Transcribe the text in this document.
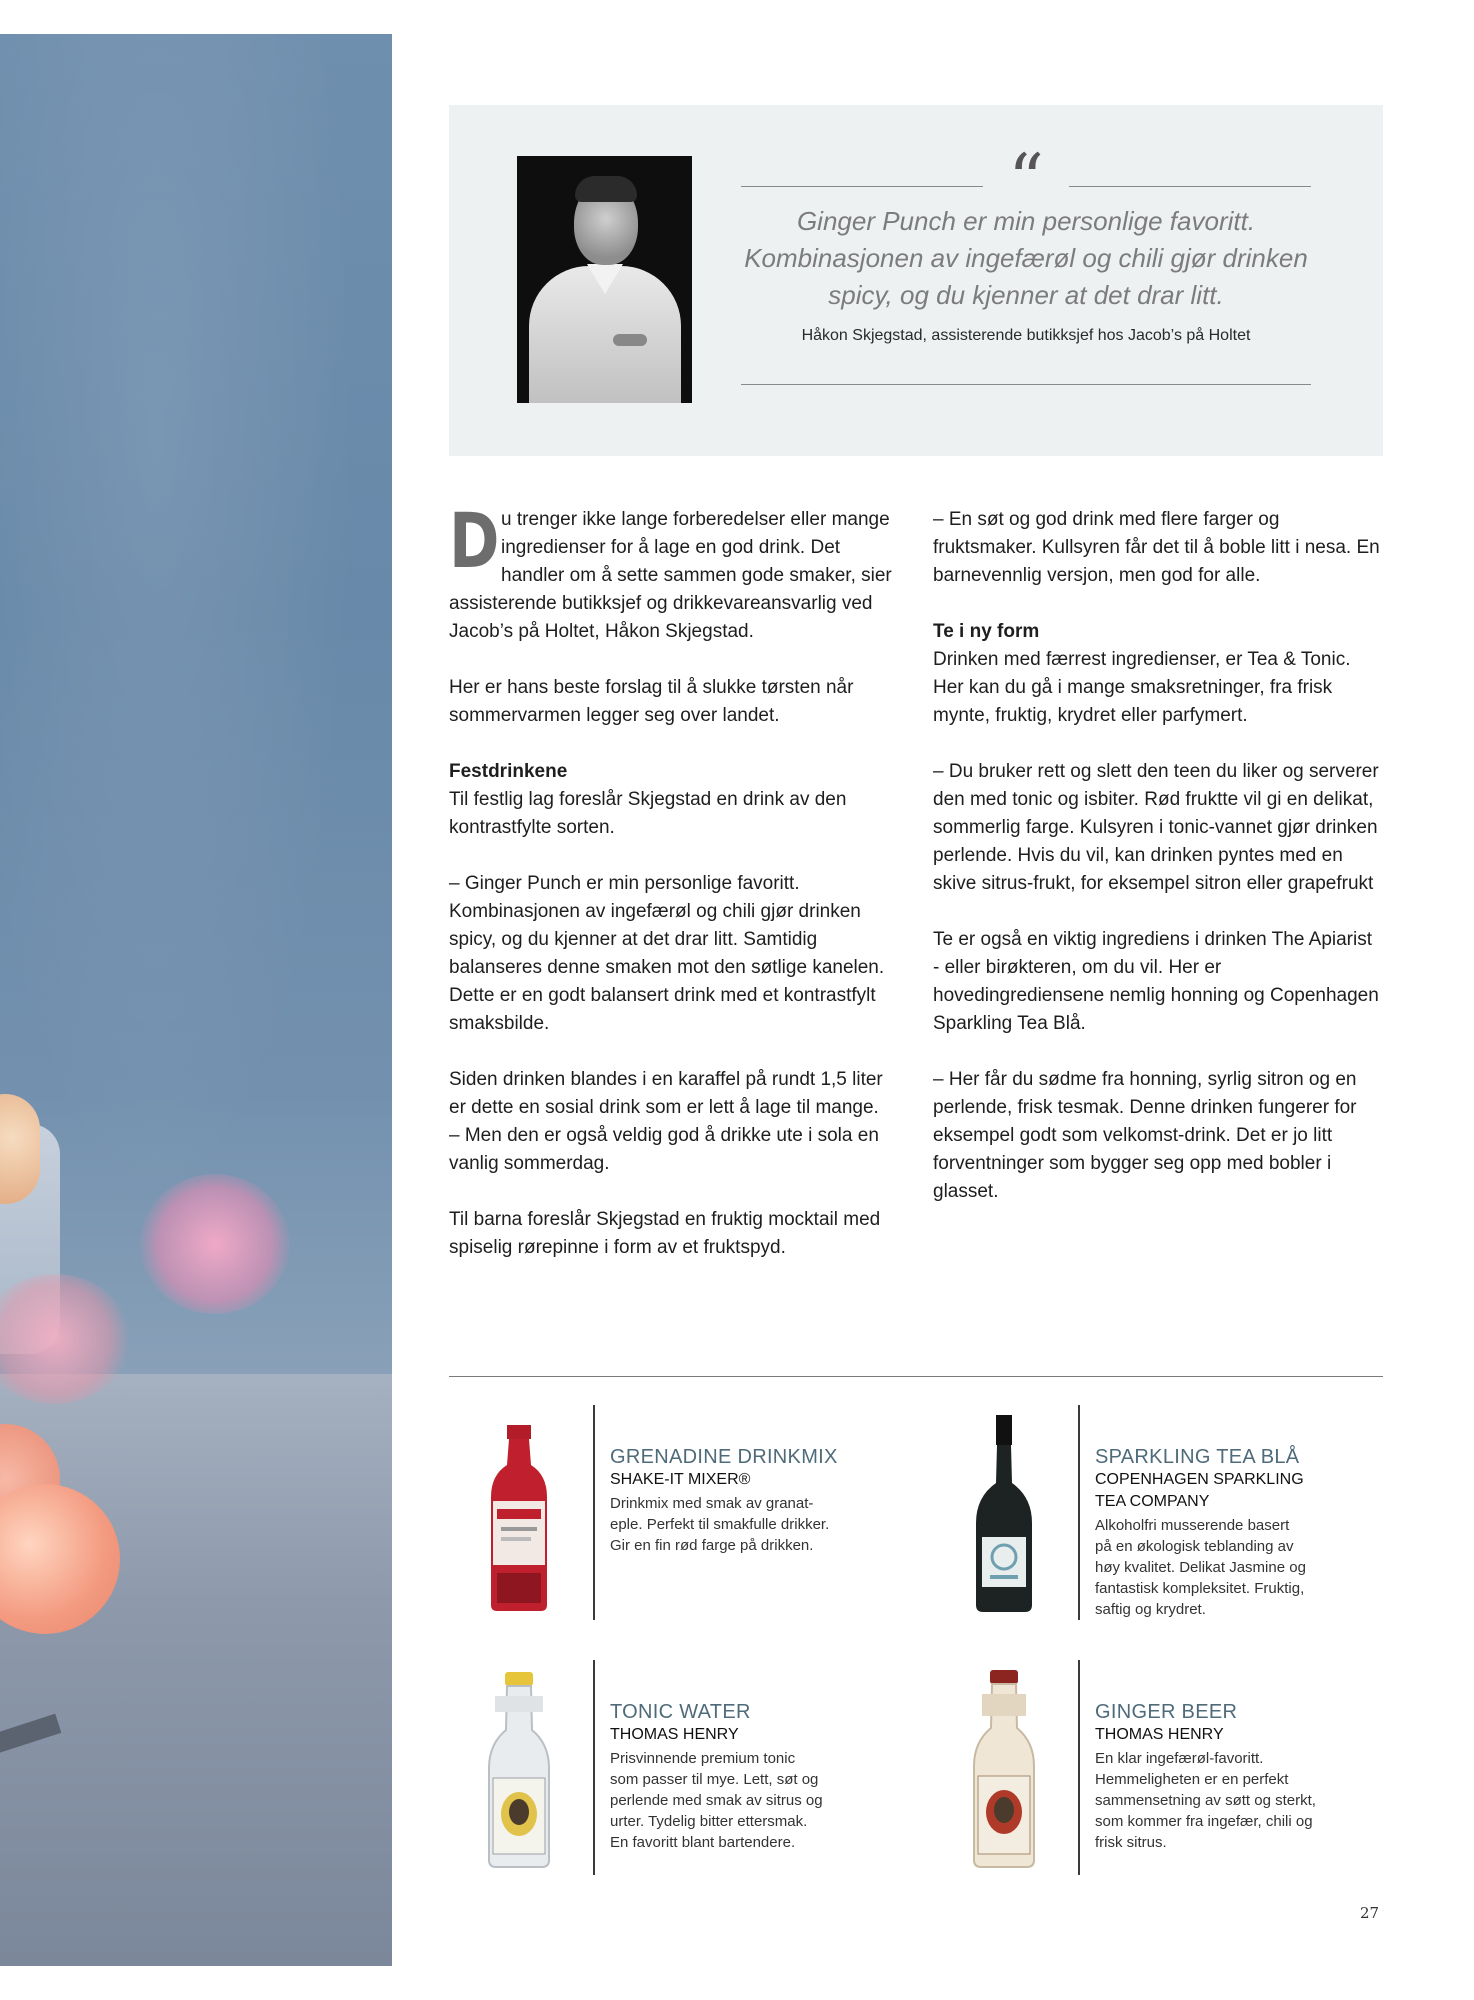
“
Ginger Punch er min personlige favoritt. Kombinasjonen av ingefærøl og chili gjør drinken spicy, og du kjenner at det drar litt.
Håkon Skjegstad, assisterende butikksjef hos Jacob’s på Holtet

Du trenger ikke lange forberedelser eller mange ingredienser for å lage en god drink. Det handler om å sette sammen gode smaker, sier assisterende butikksjef og drikkevareansvarlig ved Jacob’s på Holtet, Håkon Skjegstad.

Her er hans beste forslag til å slukke tørsten når sommervarmen legger seg over landet.

Festdrinkene

Til festlig lag foreslår Skjegstad en drink av den kontrastfylte sorten.

– Ginger Punch er min personlige favoritt. Kombinasjonen av ingefærøl og chili gjør drinken spicy, og du kjenner at det drar litt. Samtidig balanseres denne smaken mot den søtlige kanelen. Dette er en godt balansert drink med et kontrastfylt smaksbilde.

Siden drinken blandes i en karaffel på rundt 1,5 liter er dette en sosial drink som er lett å lage til mange.

– Men den er også veldig god å drikke ute i sola en vanlig sommerdag.

Til barna foreslår Skjegstad en fruktig mocktail med spiselig rørepinne i form av et fruktspyd.

– En søt og god drink med flere farger og fruktsmaker. Kullsyren får det til å boble litt i nesa. En barnevennlig versjon, men god for alle.

Te i ny form

Drinken med færrest ingredienser, er Tea & Tonic. Her kan du gå i mange smaksretninger, fra frisk mynte, fruktig, krydret eller parfymert.

– Du bruker rett og slett den teen du liker og serverer den med tonic og isbiter. Rød fruktte vil gi en delikat, sommerlig farge. Kulsyren i tonic-vannet gjør drinken perlende. Hvis du vil, kan drinken pyntes med en skive sitrus-frukt, for eksempel sitron eller grapefrukt

Te er også en viktig ingrediens i drinken The Apiarist - eller birøkteren, om du vil. Her er hovedingrediensene nemlig honning og Copenhagen Sparkling Tea Blå.

– Her får du sødme fra honning, syrlig sitron og en perlende, frisk tesmak. Denne drinken fungerer for eksempel godt som velkomst-drink. Det er jo litt forventninger som bygger seg opp med bobler i glasset.

GRENADINE DRINKMIX
SHAKE-IT MIXER®
Drinkmix med smak av granat-
eple. Perfekt til smakfulle drikker.
Gir en fin rød farge på drikken.
SPARKLING TEA BLÅ
COPENHAGEN SPARKLING
TEA COMPANY
Alkoholfri musserende basert
på en økologisk teblanding av
høy kvalitet. Delikat Jasmine og
fantastisk kompleksitet. Fruktig,
saftig og krydret.
TONIC WATER
THOMAS HENRY
Prisvinnende premium tonic
som passer til mye. Lett, søt og
perlende med smak av sitrus og
urter. Tydelig bitter ettersmak.
En favoritt blant bartendere.
GINGER BEER
THOMAS HENRY
En klar ingefærøl-favoritt.
Hemmeligheten er en perfekt
sammensetning av søtt og sterkt,
som kommer fra ingefær, chili og
frisk sitrus.
27
